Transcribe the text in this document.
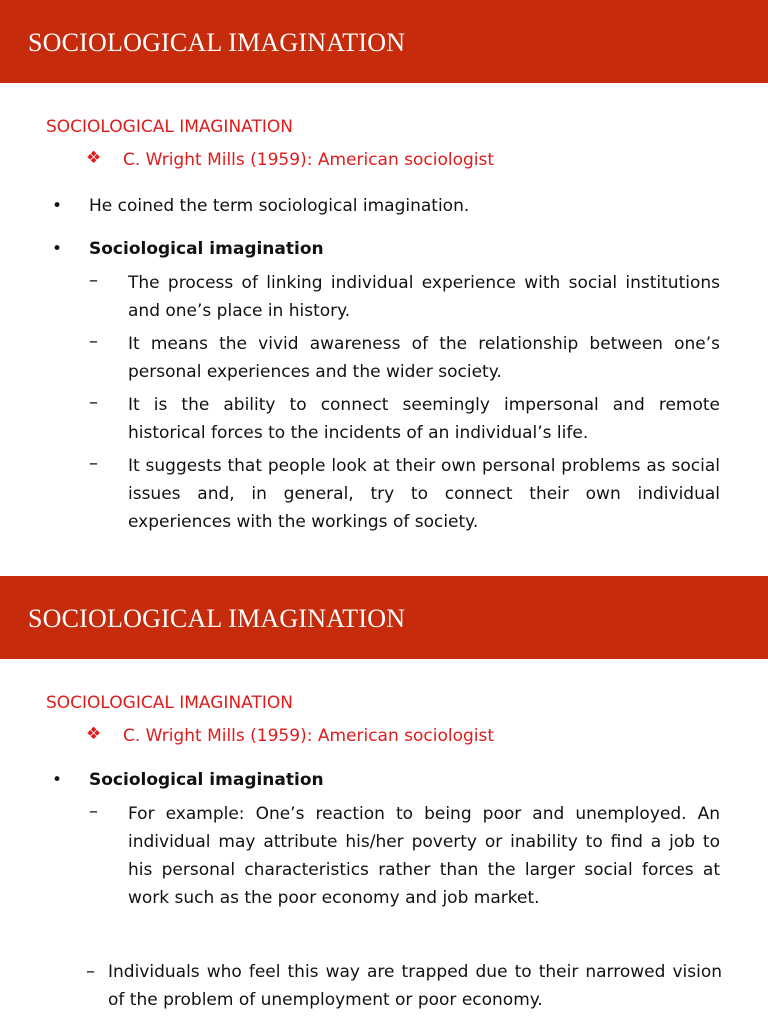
SOCIOLOGICAL IMAGINATION
SOCIOLOGICAL IMAGINATION
❖ C. Wright Mills (1959): American sociologist
• He coined the term sociological imagination.
• Sociological imagination
– The process of linking individual experience with social institutions and one’s place in history.
– It means the vivid awareness of the relationship between one’s personal experiences and the wider society.
– It is the ability to connect seemingly impersonal and remote historical forces to the incidents of an individual’s life.
– It suggests that people look at their own personal problems as social issues and, in general, try to connect their own individual experiences with the workings of society.
SOCIOLOGICAL IMAGINATION
SOCIOLOGICAL IMAGINATION
❖ C. Wright Mills (1959): American sociologist
• Sociological imagination
– For example: One’s reaction to being poor and unemployed. An individual may attribute his/her poverty or inability to find a job to his personal characteristics rather than the larger social forces at work such as the poor economy and job market.
– Individuals who feel this way are trapped due to their narrowed vision of the problem of unemployment or poor economy.
